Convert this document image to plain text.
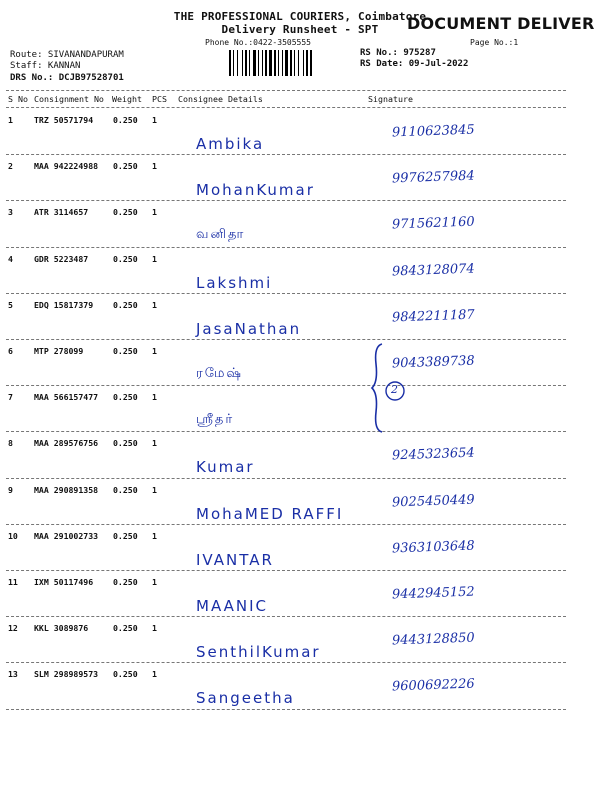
THE PROFESSIONAL COURIERS, Coimbatore
Delivery Runsheet - SPT
Phone No.:0422-3505555
DOCUMENT DELIVER
Page No.:1
Route: SIVANANDAPURAM
Staff: KANNAN
DRS No.: DCJB97528701
RS No.: 975287
RS Date: 09-Jul-2022
S No Consignment No Weight PCS Consignee Details	Signature
1	TRZ 50571794 0.250 1
Ambika
9110623845
2	MAA 942224988 0.250 1
MohanKumar
9976257984
3	ATR 3114657	0.250 1
வனிதா
9715621160
4	GDR 5223487	0.250 1
Lakshmi
9843128074
5	EDQ 15817379 0.250 1
JasaNathan
9842211187
6	MTP 278099	0.250 1
ரமேஷ்
9043389738
7	MAA 566157477 0.250 1
ஸ்ரீதர்
8	MAA 289576756 0.250 1
Kumar
9245323654
9	MAA 290891358 0.250 1
MohaMED RAFFI
9025450449
10 MAA 291002733 0.250 1
IVANTAR
9363103648
11 IXM 50117496 0.250 1
MAANIC
9442945152
12 KKL 3089876	0.250 1
SenthilKumar
9443128850
13 SLM 298989573 0.250 1
Sangeetha
9600692226
2
